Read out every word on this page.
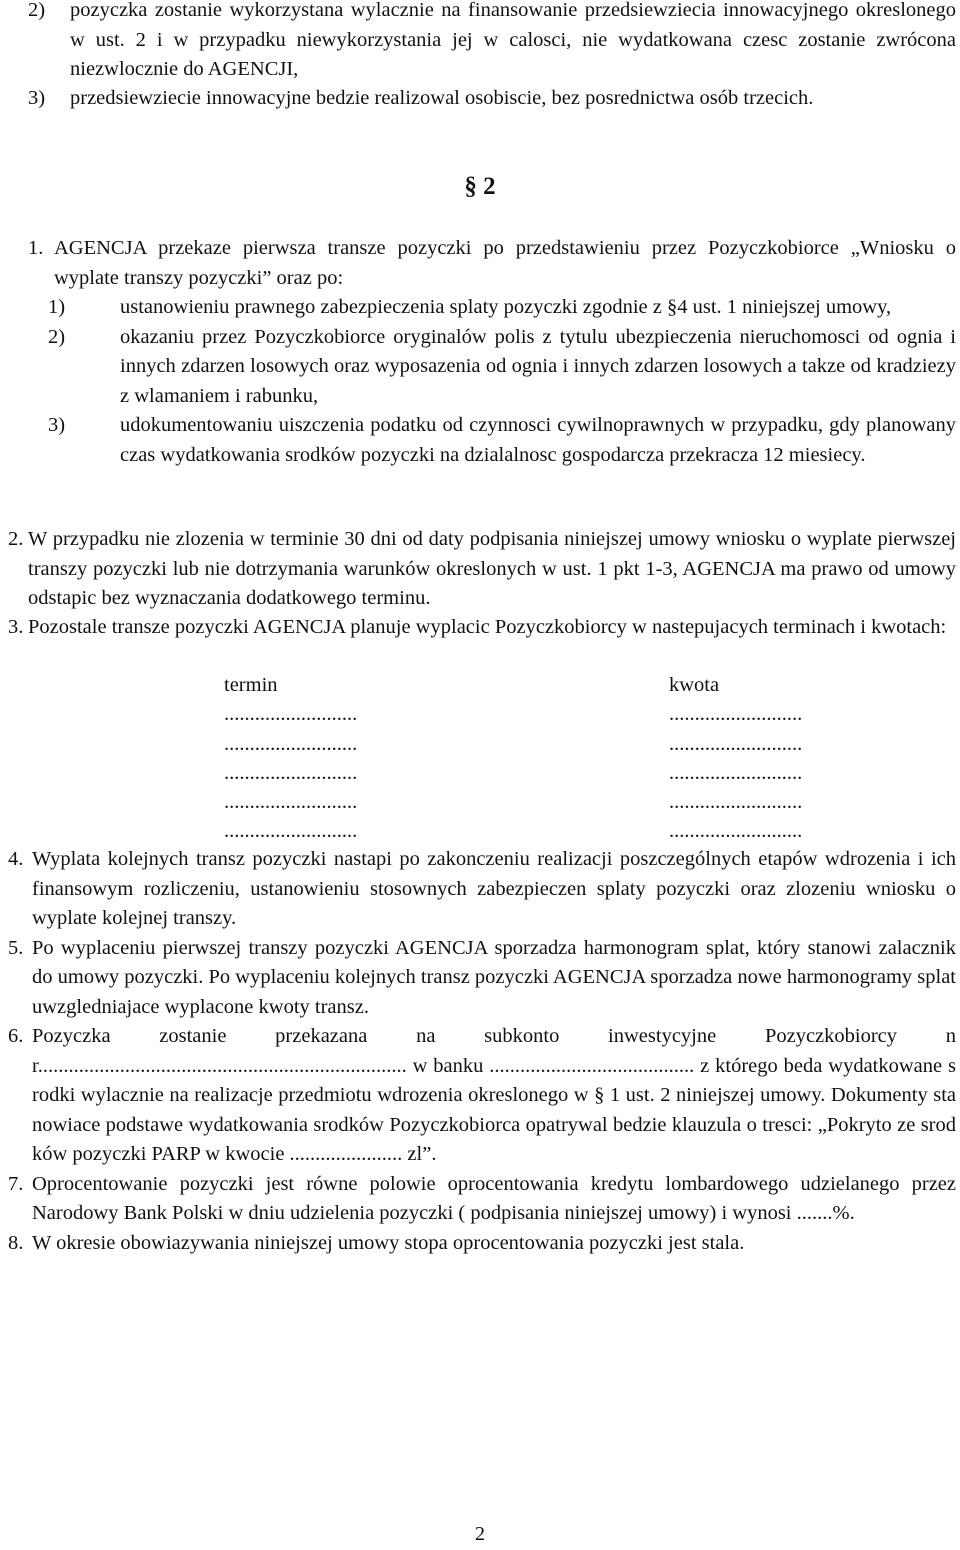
2)	pozyczka zostanie wykorzystana wylacznie na finansowanie przedsiewziecia innowacyjnego okreslonego w ust. 2 i w przypadku niewykorzystania jej w calosci, nie wydatkowana czesc zostanie zwrócona niezwlocznie do AGENCJI,
3)	przedsiewziecie innowacyjne bedzie realizowal osobiscie, bez posrednictwa osób trzecich.
§ 2
1. AGENCJA przekaze pierwsza transze pozyczki po przedstawieniu przez Pozyczkobiorce „Wniosku o wyplate transzy pozyczki” oraz po:
1)	ustanowieniu prawnego zabezpieczenia splaty pozyczki zgodnie z §4 ust. 1 niniejszej umowy,
2)	okazaniu przez Pozyczkobiorce oryginalów polis z tytulu ubezpieczenia nieruchomosci od ognia i innych zdarzen losowych oraz wyposazenia od ognia i innych zdarzen losowych a takze od kradziezy z wlamaniem i rabunku,
3)	udokumentowaniu uiszczenia podatku od czynnosci cywilnoprawnych w przypadku, gdy planowany czas wydatkowania srodków pozyczki na dzialalnosc gospodarcza przekracza 12 miesiecy.
2. W przypadku nie zlozenia w terminie 30 dni od daty podpisania niniejszej umowy wniosku o wyplate pierwszej transzy pozyczki lub nie dotrzymania warunków okreslonych w ust. 1 pkt 1-3, AGENCJA ma prawo od umowy odstapic bez wyznaczania dodatkowego terminu.
3. Pozostale transze pozyczki AGENCJA planuje wyplacic Pozyczkobiorcy w nastepujacych terminach i kwotach:
termin	kwota
..........................	..........................
..........................	..........................
..........................	..........................
..........................	..........................
..........................	..........................
4. Wyplata kolejnych transz pozyczki nastapi po zakonczeniu realizacji poszczególnych etapów wdrozenia i ich finansowym rozliczeniu, ustanowieniu stosownych zabezpieczen splaty pozyczki oraz zlozeniu wniosku o wyplate kolejnej transzy.
5. Po wyplaceniu pierwszej transzy pozyczki AGENCJA sporzadza harmonogram splat, który stanowi zalacznik do umowy pozyczki. Po wyplaceniu kolejnych transz pozyczki AGENCJA sporzadza nowe harmonogramy splat uwzgledniajace wyplacone kwoty transz.
6. Pozyczka zostanie przekazana na subkonto inwestycyjne Pozyczkobiorcy nr........................................................................ w banku ........................................ z którego beda wydatkowane srodki wylacznie na realizacje przedmiotu wdrozenia okreslonego w § 1 ust. 2 niniejszej umowy. Dokumenty stanowiace podstawe wydatkowania srodków Pozyczkobiorca opatrywal bedzie klauzula o tresci: „Pokryto ze srodków pozyczki PARP w kwocie ...................... zl”.
7. Oprocentowanie pozyczki jest równe polowie oprocentowania kredytu lombardowego udzielanego przez Narodowy Bank Polski w dniu udzielenia pozyczki ( podpisania niniejszej umowy) i wynosi .......%.
8. W okresie obowiazywania niniejszej umowy stopa oprocentowania pozyczki jest stala.
2
